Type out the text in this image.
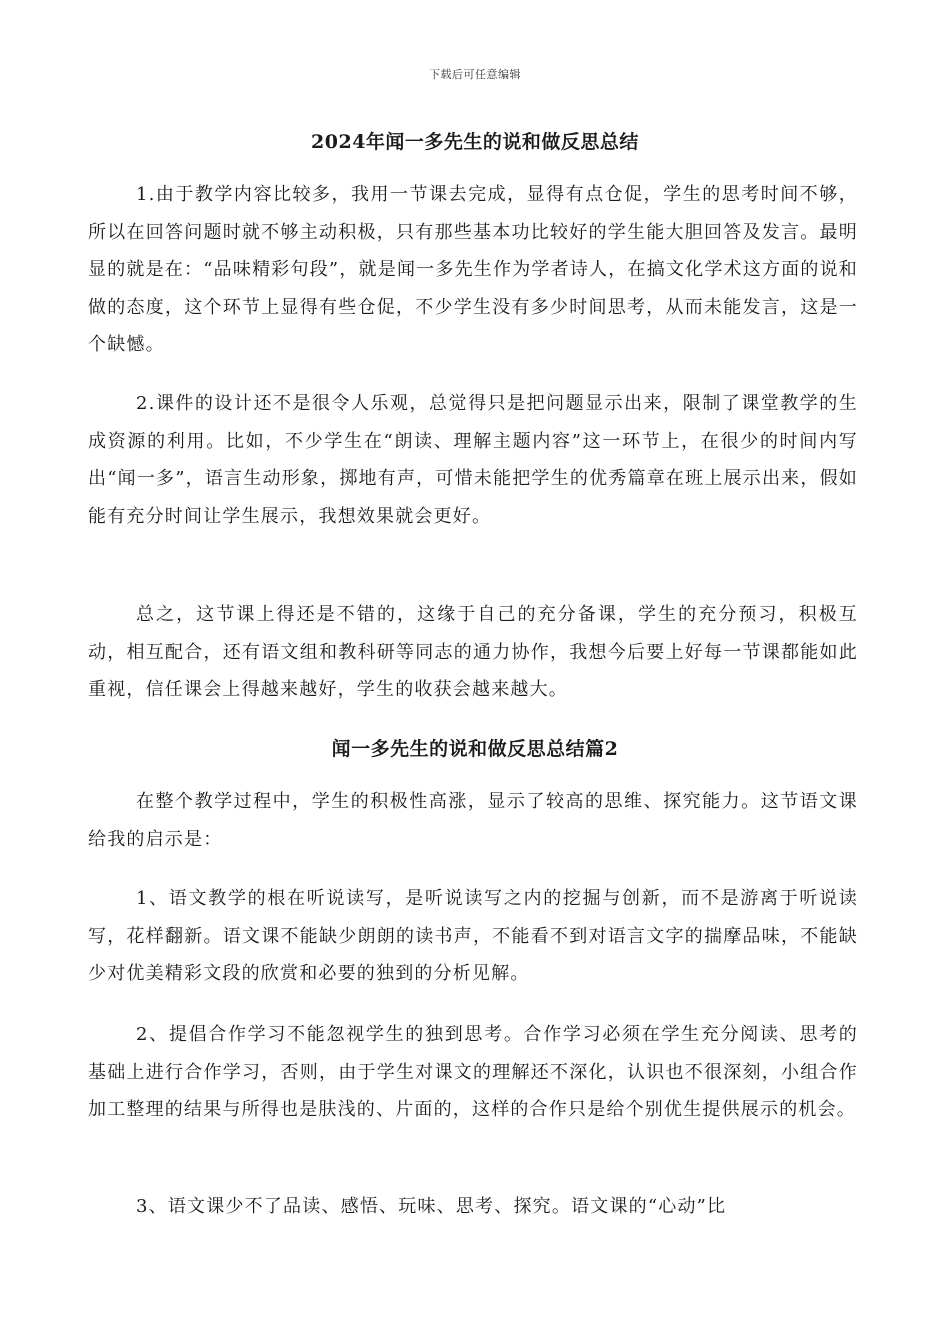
下载后可任意编辑
2024年闻一多先生的说和做反思总结

1.由于教学内容比较多，我用一节课去完成，显得有点仓促，学生的思考时间不够，所以在回答问题时就不够主动积极，只有那些基本功比较好的学生能大胆回答及发言。最明显的就是在：“品味精彩句段”，就是闻一多先生作为学者诗人，在搞文化学术这方面的说和做的态度，这个环节上显得有些仓促，不少学生没有多少时间思考，从而未能发言，这是一个缺憾。

2.课件的设计还不是很令人乐观，总觉得只是把问题显示出来，限制了课堂教学的生成资源的利用。比如，不少学生在“朗读、理解主题内容”这一环节上，在很少的时间内写出“闻一多”，语言生动形象，掷地有声，可惜未能把学生的优秀篇章在班上展示出来，假如能有充分时间让学生展示，我想效果就会更好。

总之，这节课上得还是不错的，这缘于自己的充分备课，学生的充分预习，积极互动，相互配合，还有语文组和教科研等同志的通力协作，我想今后要上好每一节课都能如此重视，信任课会上得越来越好，学生的收获会越来越大。

闻一多先生的说和做反思总结篇2

在整个教学过程中，学生的积极性高涨，显示了较高的思维、探究能力。这节语文课给我的启示是：

1、语文教学的根在听说读写，是听说读写之内的挖掘与创新，而不是游离于听说读写，花样翻新。语文课不能缺少朗朗的读书声，不能看不到对语言文字的揣摩品味，不能缺少对优美精彩文段的欣赏和必要的独到的分析见解。

2、提倡合作学习不能忽视学生的独到思考。合作学习必须在学生充分阅读、思考的基础上进行合作学习，否则，由于学生对课文的理解还不深化，认识也不很深刻，小组合作加工整理的结果与所得也是肤浅的、片面的，这样的合作只是给个别优生提供展示的机会。

3、语文课少不了品读、感悟、玩味、思考、探究。语文课的“心动”比
